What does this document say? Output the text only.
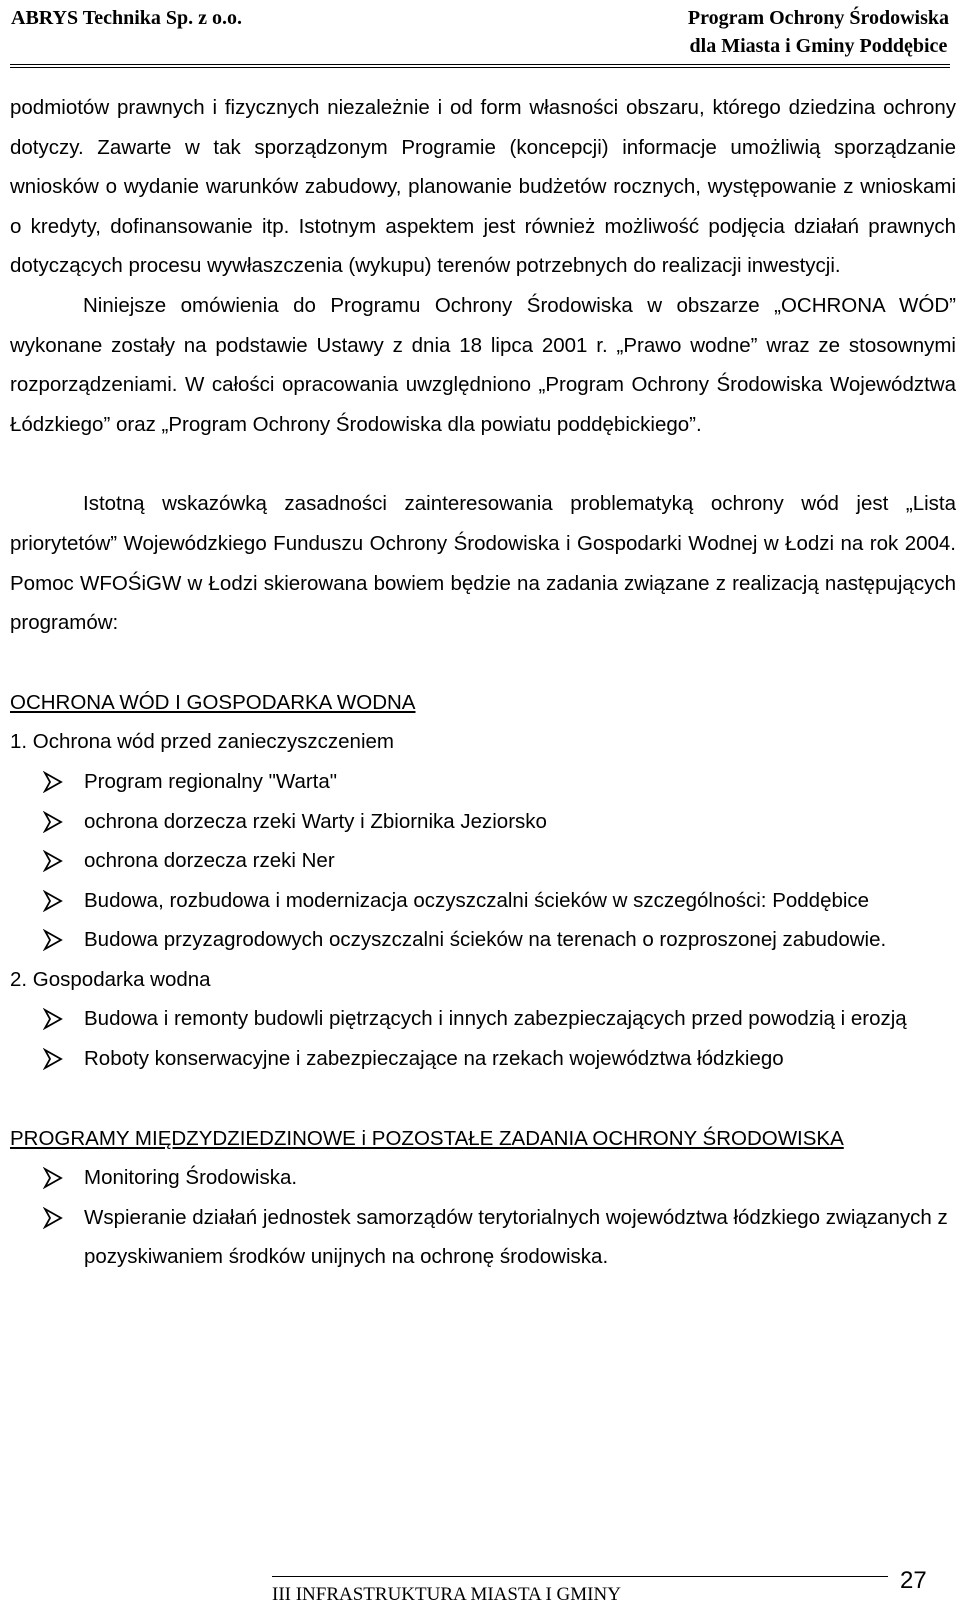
ABRYS Technika Sp. z o.o.	Program Ochrony Środowiska
dla Miasta i Gminy Poddębice

podmiotów prawnych i fizycznych niezależnie i od form własności obszaru, którego dziedzina ochrony dotyczy. Zawarte w tak sporządzonym Programie (koncepcji) informacje umożliwią sporządzanie wniosków o wydanie warunków zabudowy, planowanie budżetów rocznych, występowanie z wnioskami o kredyty, dofinansowanie itp. Istotnym aspektem jest również możliwość podjęcia działań prawnych dotyczących procesu wywłaszczenia (wykupu) terenów potrzebnych do realizacji inwestycji.

Niniejsze omówienia do Programu Ochrony Środowiska w obszarze „OCHRONA WÓD” wykonane zostały na podstawie Ustawy z dnia 18 lipca 2001 r. „Prawo wodne” wraz ze stosownymi rozporządzeniami. W całości opracowania uwzględniono „Program Ochrony Środowiska Województwa Łódzkiego” oraz „Program Ochrony Środowiska dla powiatu poddębickiego”.

Istotną wskazówką zasadności zainteresowania problematyką ochrony wód jest „Lista priorytetów” Wojewódzkiego Funduszu Ochrony Środowiska i Gospodarki Wodnej w Łodzi na rok 2004. Pomoc WFOŚiGW w Łodzi skierowana bowiem będzie na zadania związane z realizacją następujących programów:

OCHRONA WÓD I GOSPODARKA WODNA

1. Ochrona wód przed zanieczyszczeniem

Program regionalny "Warta"
ochrona dorzecza rzeki Warty i Zbiornika Jeziorsko
ochrona dorzecza rzeki Ner
Budowa, rozbudowa i modernizacja oczyszczalni ścieków w szczególności: Poddębice
Budowa przyzagrodowych oczyszczalni ścieków na terenach o rozproszonej zabudowie.

2. Gospodarka wodna

Budowa i remonty budowli piętrzących i innych zabezpieczających przed powodzią i erozją
Roboty konserwacyjne i zabezpieczające na rzekach województwa łódzkiego

PROGRAMY MIĘDZYDZIEDZINOWE i POZOSTAŁE ZADANIA OCHRONY ŚRODOWISKA

Monitoring Środowiska.
Wspieranie działań jednostek samorządów terytorialnych województwa łódzkiego związanych z pozyskiwaniem środków unijnych na ochronę środowiska.
III INFRASTRUKTURA MIASTA I GMINY
27
